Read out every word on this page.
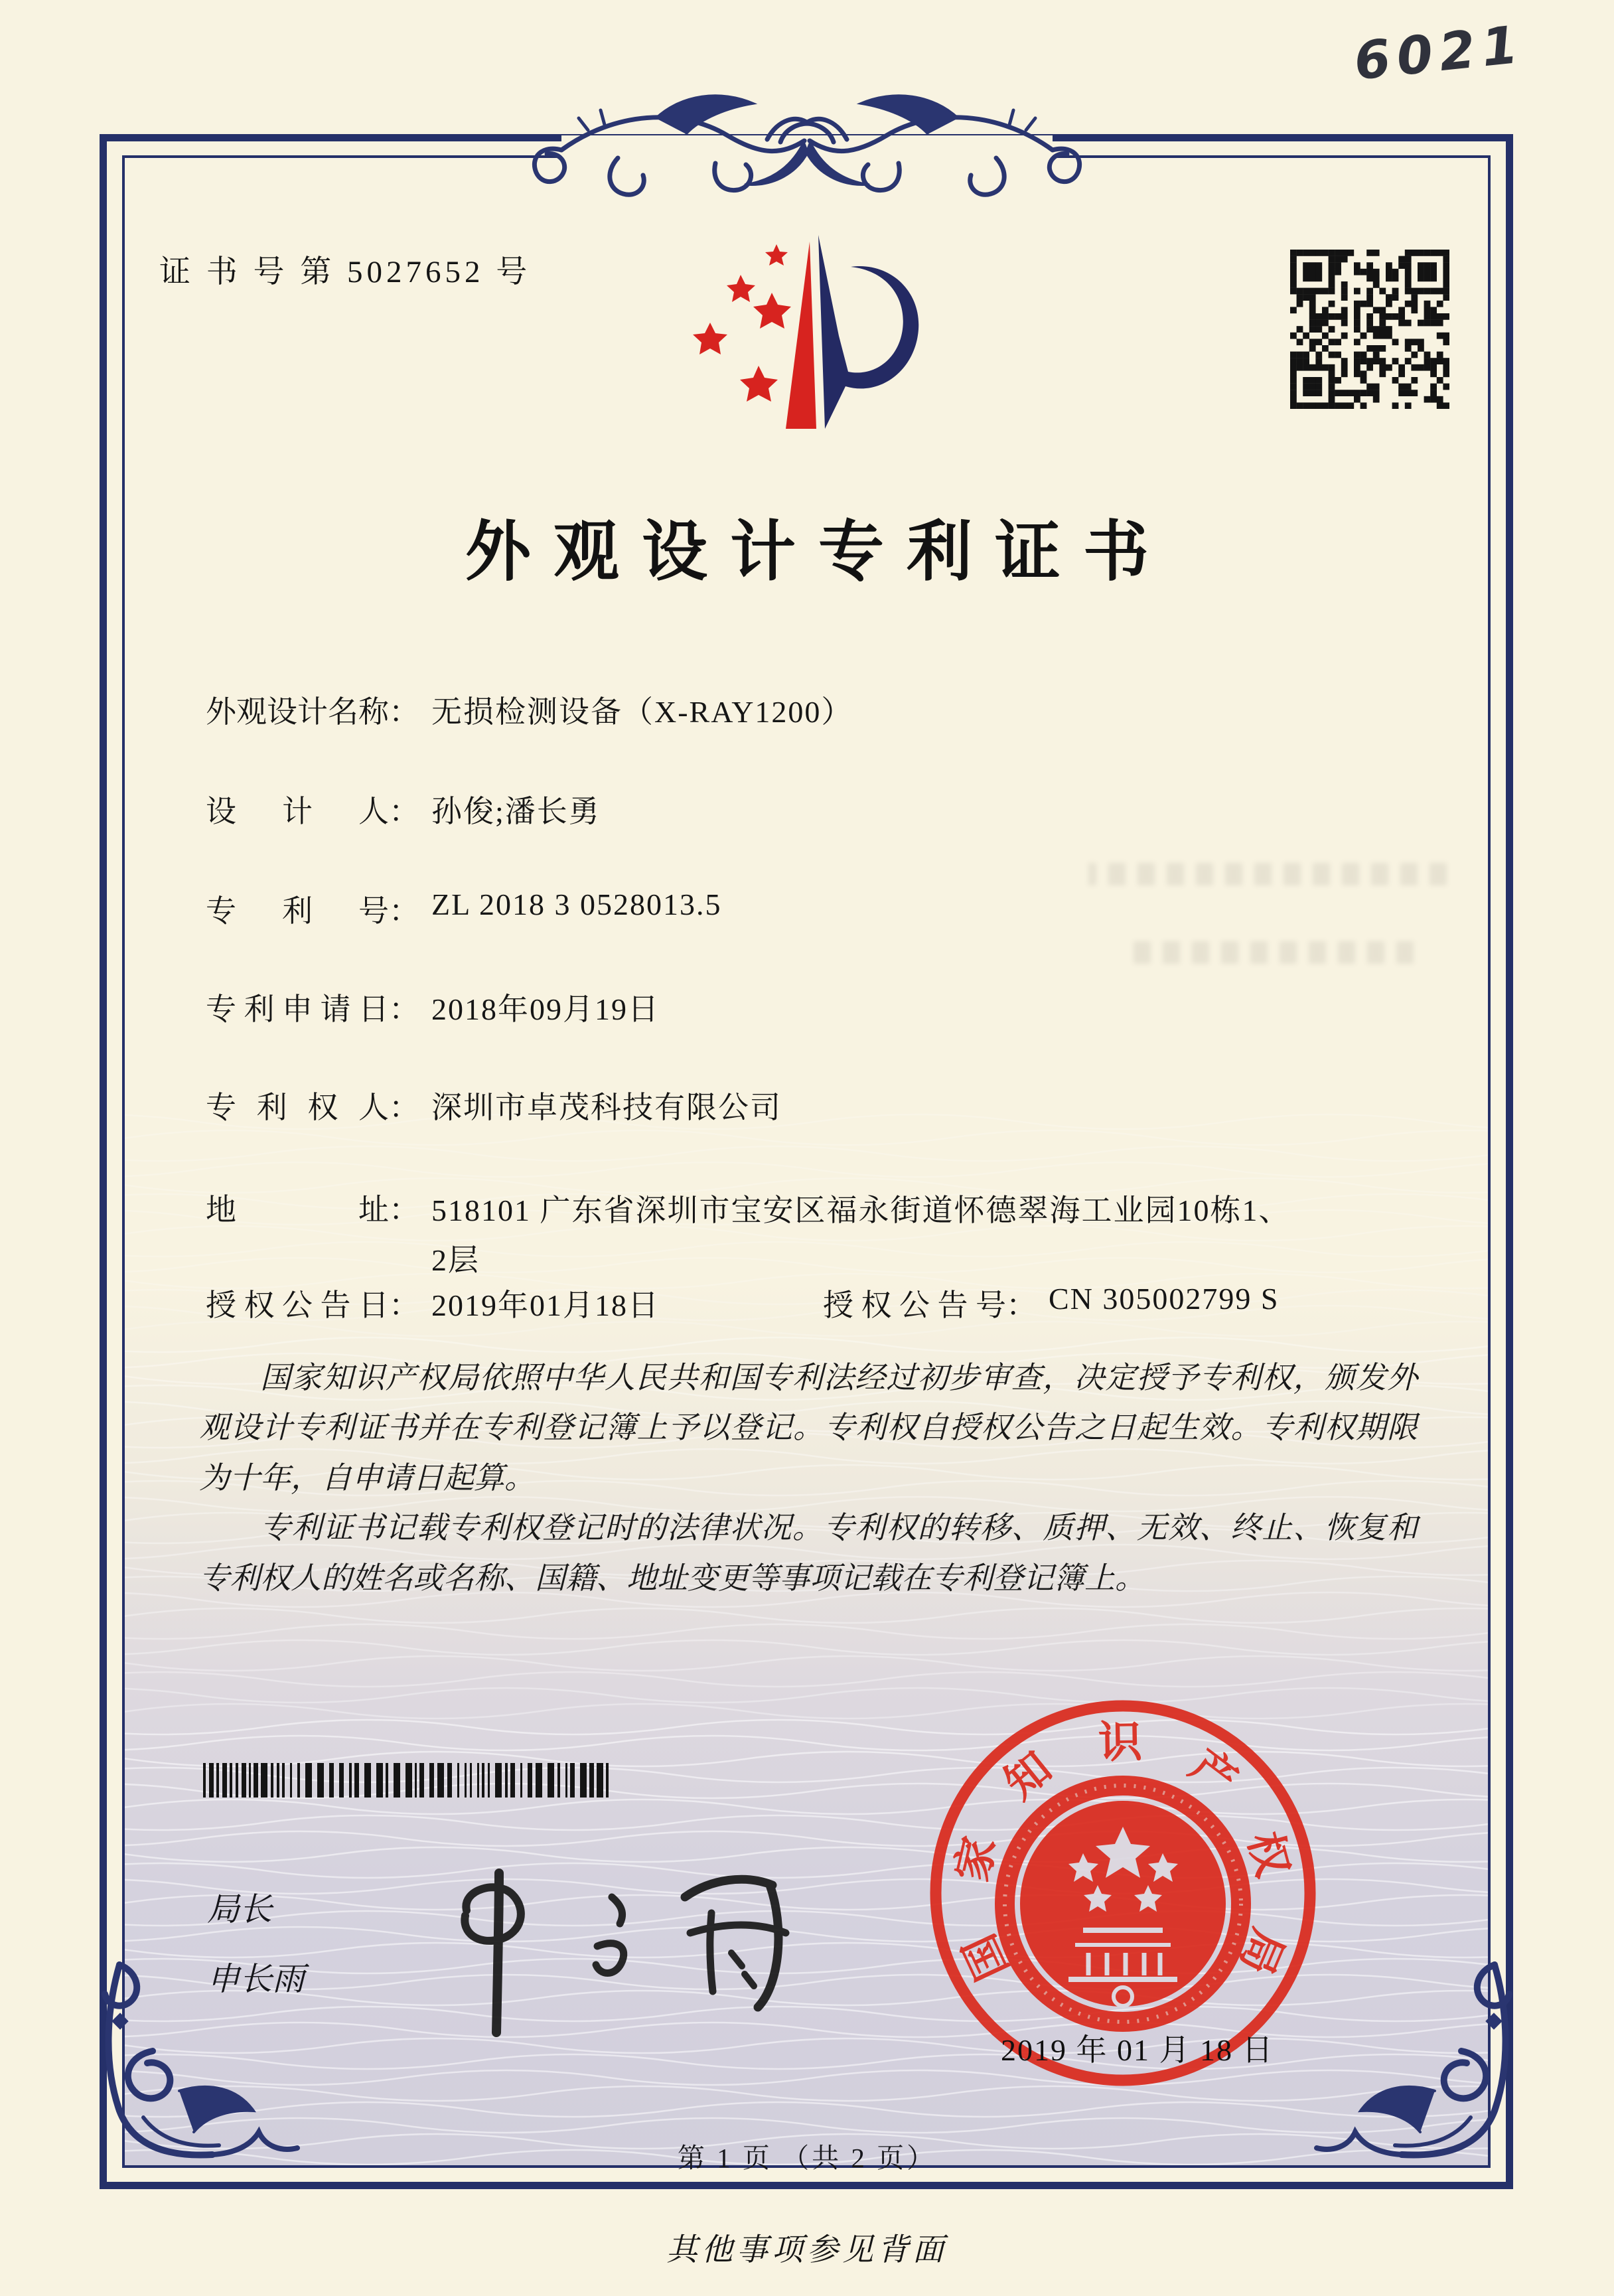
6021
证 书 号 第 5027652 号
外观设计专利证书
外观设计名称： 无损检测设备（X-RAY1200）
设计人： 孙俊;潘长勇
专利号： ZL 2018 3 0528013.5
专利申请日： 2018年09月19日
专利权人： 深圳市卓茂科技有限公司
地址： 518101 广东省深圳市宝安区福永街道怀德翠海工业园10栋1、2层
授权公告日： 2019年01月18日	授权公告号： CN 305002799 S

国家知识产权局依照中华人民共和国专利法经过初步审查，决定授予专利权，颁发外观设计专利证书并在专利登记簿上予以登记。专利权自授权公告之日起生效。专利权期限为十年，自申请日起算。

专利证书记载专利权登记时的法律状况。专利权的转移、质押、无效、终止、恢复和专利权人的姓名或名称、国籍、地址变更等事项记载在专利登记簿上。

局长
申长雨	国
家
知
识 产
权
局
2019 年 01 月 18 日
第 1 页 （共 2 页）
其他事项参见背面
